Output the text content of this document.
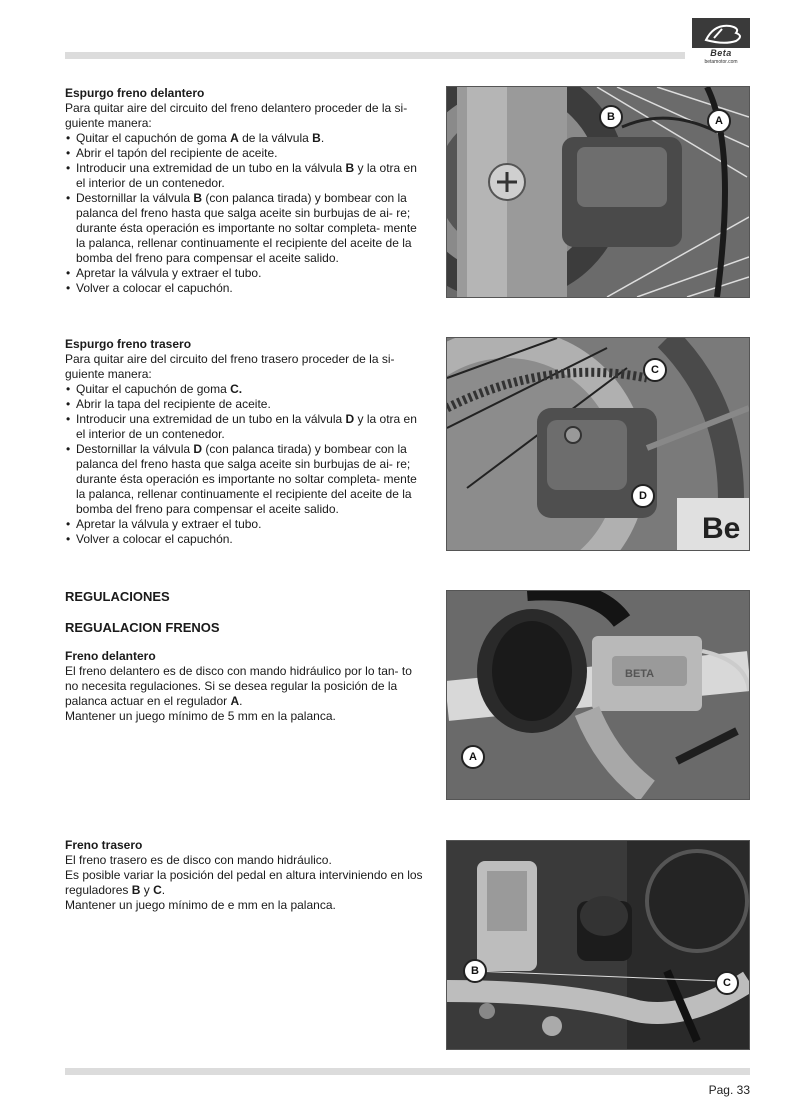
Beta
betamotor.com
Espurgo freno delantero

Para quitar aire del circuito del freno delantero proceder de la si- guiente manera:

• Quitar el capuchón de goma A de la válvula B.
• Abrir el tapón del recipiente de aceite.
• Introducir una extremidad de un tubo en la válvula B y la otra en el interior de un contenedor.
• Destornillar la válvula B (con palanca tirada) y bombear con la palanca del freno hasta que salga aceite sin burbujas de ai- re; durante ésta operación es importante no soltar completa- mente la palanca, rellenar continuamente el recipiente del aceite de la bomba del freno para compensar el aceite salido.
• Apretar la válvula y extraer el tubo.
• Volver a colocar el capuchón.
B	A
Espurgo freno trasero

Para quitar aire del circuito del freno trasero proceder de la si- guiente manera:

• Quitar el capuchón de goma C.
• Abrir la tapa del recipiente de aceite.
• Introducir una extremidad de un tubo en la válvula D y la otra en el interior de un contenedor.
• Destornillar la válvula D (con palanca tirada) y bombear con la palanca del freno hasta que salga aceite sin burbujas de ai- re; durante ésta operación es importante no soltar completa- mente la palanca, rellenar continuamente el recipiente del aceite de la bomba del freno para compensar el aceite salido.
• Apretar la válvula y extraer el tubo.
• Volver a colocar el capuchón.	Be
C
D
REGULACIONES
REGUALACION FRENOS
Freno delantero

El freno delantero es de disco con mando hidráulico por lo tan- to no necesita regulaciones. Si se desea regular la posición de la palanca actuar en el regulador A.

Mantener un juego mínimo de 5 mm en la palanca.

BETA
A
Freno trasero

El freno trasero es de disco con mando hidráulico.

Es posible variar la posición del pedal en altura interviniendo en los reguladores B y C.

Mantener un juego mínimo de e mm en la palanca.

B
C
Pag. 33
